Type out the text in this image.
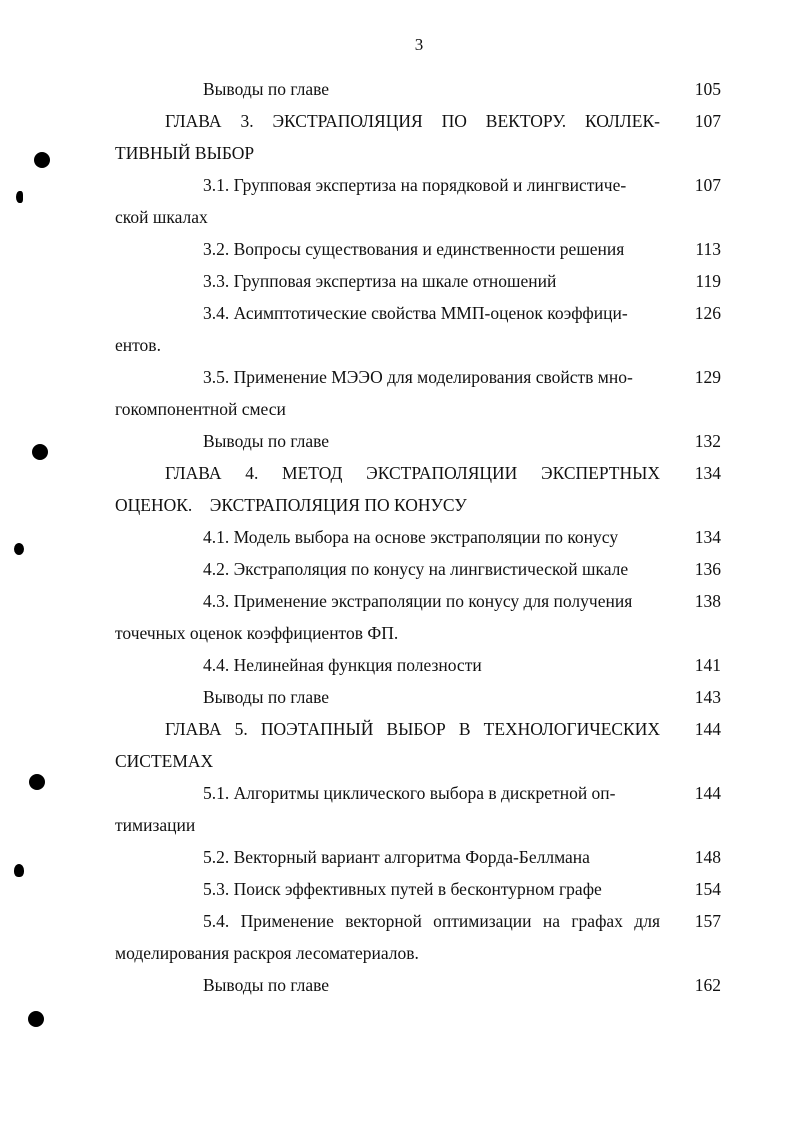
3
Выводы по главе	105
ГЛАВА 3. ЭКСТРАПОЛЯЦИЯ ПО ВЕКТОРУ. КОЛЛЕК- 107
ТИВНЫЙ ВЫБОР
3.1. Групповая экспертиза на порядковой и лингвистиче-	107
ской шкалах
3.2. Вопросы существования и единственности решения	113
3.3. Групповая экспертиза на шкале отношений	119
3.4. Асимптотические свойства ММП-оценок коэффици-	126
ентов.
3.5. Применение МЭЭО для моделирования свойств мно-	129
гокомпонентной смеси
Выводы по главе	132
ГЛАВА 4. МЕТОД ЭКСТРАПОЛЯЦИИ ЭКСПЕРТНЫХ 134
ОЦЕНОК.    ЭКСТРАПОЛЯЦИЯ ПО КОНУСУ
4.1. Модель выбора на основе экстраполяции по конусу	134
4.2. Экстраполяция по конусу на лингвистической шкале	136
4.3. Применение экстраполяции по конусу для получения	138
точечных оценок коэффициентов ФП.
4.4. Нелинейная функция полезности	141
Выводы по главе	143
ГЛАВА 5. ПОЭТАПНЫЙ ВЫБОР В ТЕХНОЛОГИЧЕСКИХ 144
СИСТЕМАХ
5.1. Алгоритмы циклического выбора в дискретной оп-	144
тимизации
5.2. Векторный вариант алгоритма Форда-Беллмана	148
5.3. Поиск эффективных путей в бесконтурном графе	154
5.4. Применение векторной оптимизации на графах для 157
моделирования раскроя лесоматериалов.
Выводы по главе	162
